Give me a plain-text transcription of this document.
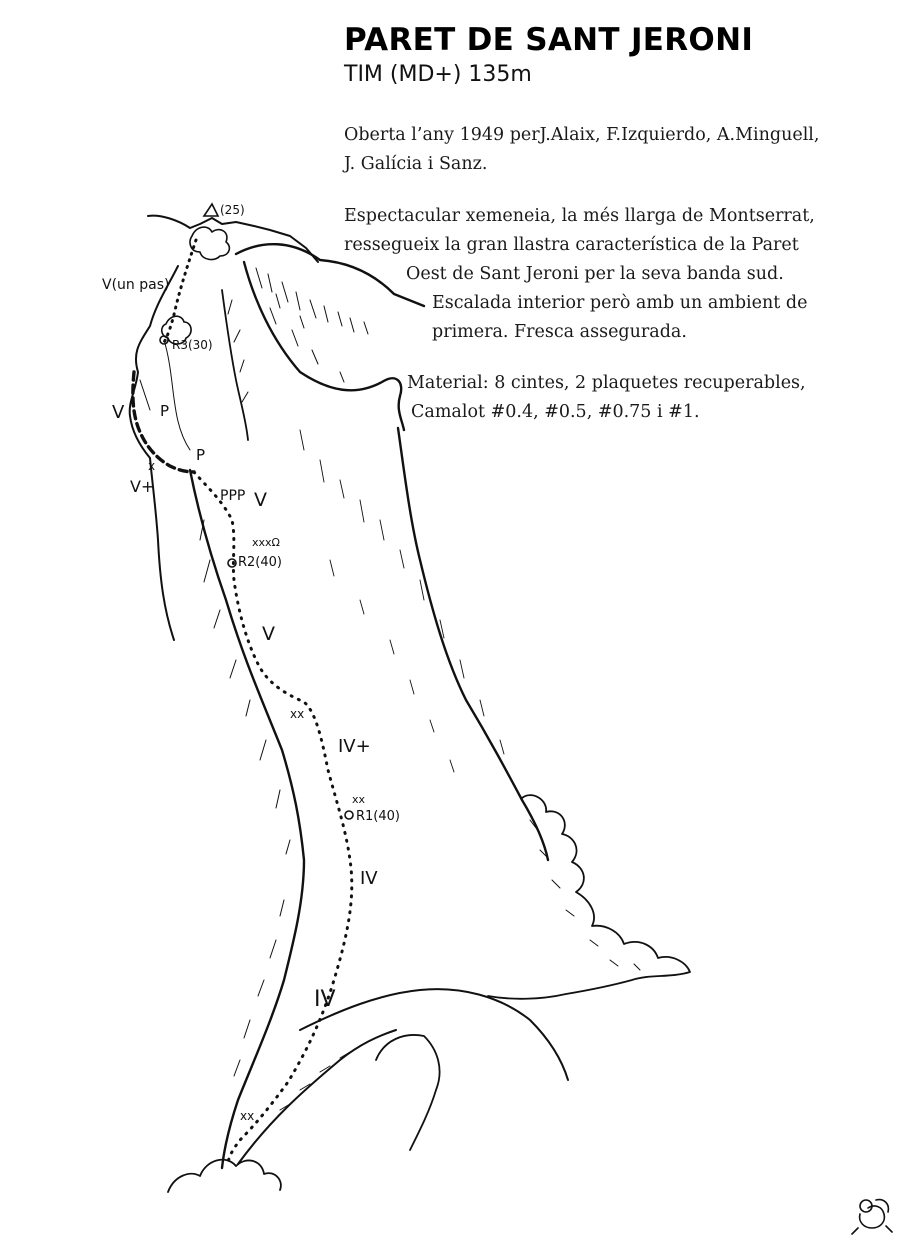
PARET DE SANT JERONI
TIM (MD+) 135m
Oberta l’any 1949 perJ.Alaix, F.Izquierdo, A.Minguell,
J. Galícia i Sanz.
Espectacular xemeneia, la més llarga de Montserrat,
ressegueix la gran llastra característica de la Paret
Oest de Sant Jeroni per la seva banda sud.
Escalada interior però amb un ambient de
primera. Fresca assegurada.
Material: 8 cintes, 2 plaquetes recuperables,
Camalot #0.4, #0.5, #0.75 i #1.
(25)
V(un pas)
R3(30)
V P
P
x
V+	PPP V
xxxΩ
R2(40)
V
xx
IV+
xx
R1(40)
IV
IV
xx
